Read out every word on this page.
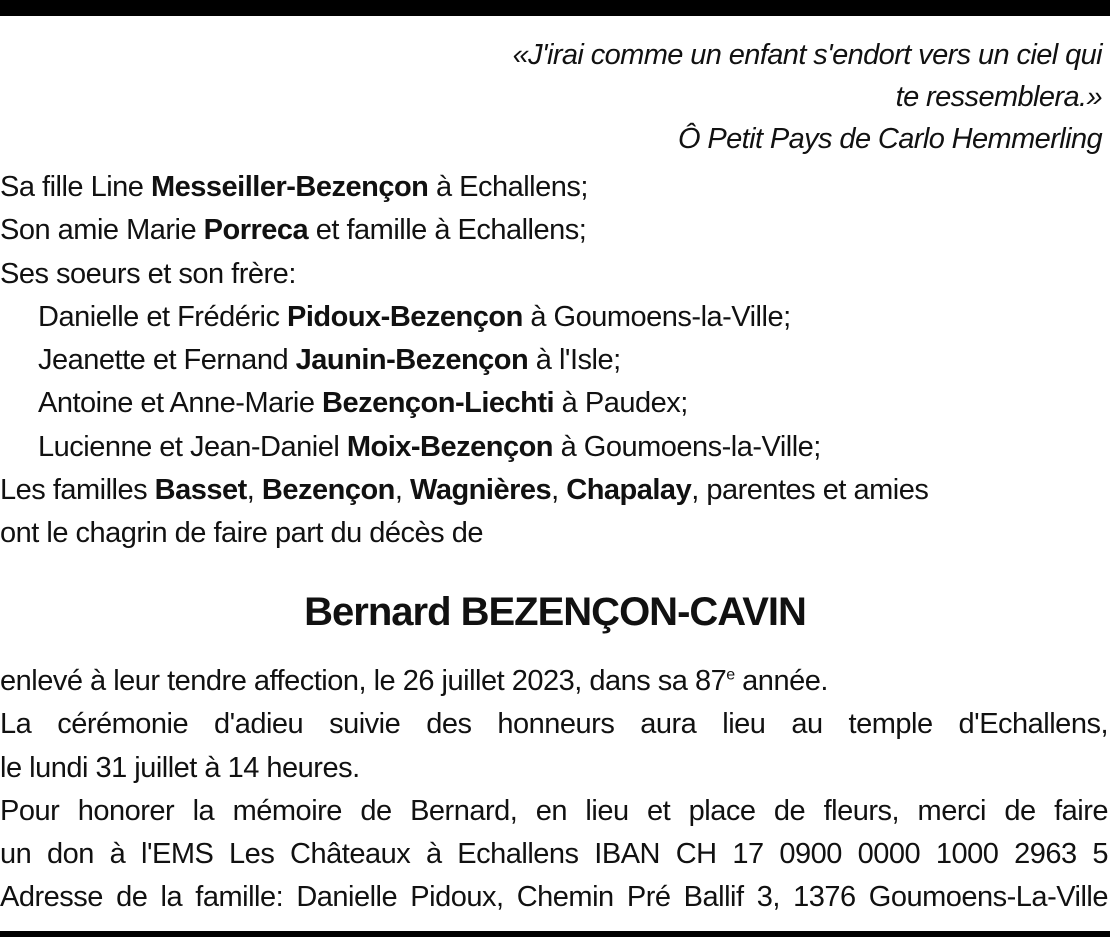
«J'irai comme un enfant s'endort vers un ciel qui
te ressemblera.»
Ô Petit Pays de Carlo Hemmerling
Sa fille Line Messeiller-Bezençon à Echallens;
Son amie Marie Porreca et famille à Echallens;
Ses soeurs et son frère:
Danielle et Frédéric Pidoux-Bezençon à Goumoens-la-Ville;
Jeanette et Fernand Jaunin-Bezençon à l'Isle;
Antoine et Anne-Marie Bezençon-Liechti à Paudex;
Lucienne et Jean-Daniel Moix-Bezençon à Goumoens-la-Ville;
Les familles Basset, Bezençon, Wagnières, Chapalay, parentes et amies
ont le chagrin de faire part du décès de
Bernard BEZENÇON-CAVIN
enlevé à leur tendre affection, le 26 juillet 2023, dans sa 87e année.
La cérémonie d'adieu suivie des honneurs aura lieu au temple d'Echallens,
le lundi 31 juillet à 14 heures.
Pour honorer la mémoire de Bernard, en lieu et place de fleurs, merci de faire
un don à l'EMS Les Châteaux à Echallens IBAN CH 17 0900 0000 1000 2963 5
Adresse de la famille: Danielle Pidoux, Chemin Pré Ballif 3, 1376 Goumoens-La-Ville
